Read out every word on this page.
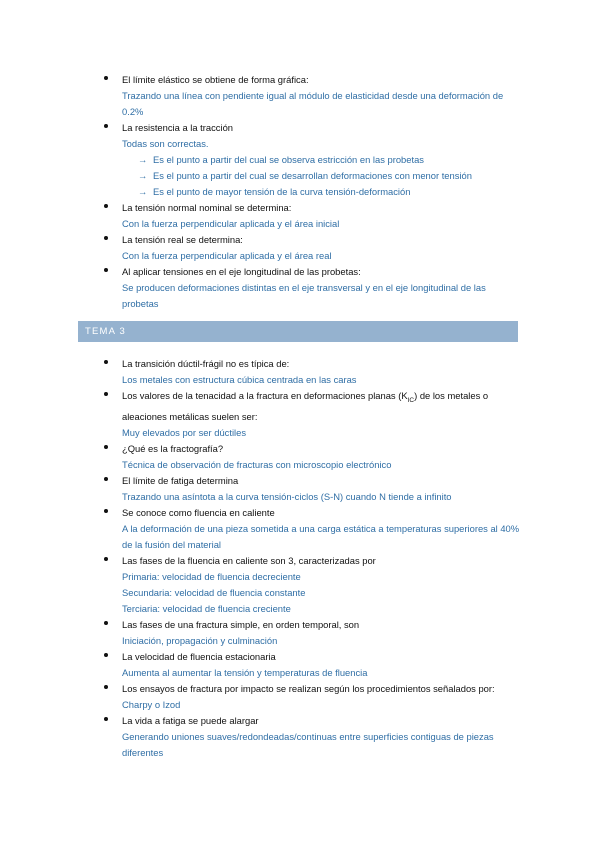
El límite elástico se obtiene de forma gráfica:
Trazando una línea con pendiente igual al módulo de elasticidad desde una deformación de 0.2%
La resistencia a la tracción
Todas son correctas.
→ Es el punto a partir del cual se observa estricción en las probetas
→ Es el punto a partir del cual se desarrollan deformaciones con menor tensión
→ Es el punto de mayor tensión de la curva tensión-deformación
La tensión normal nominal se determina:
Con la fuerza perpendicular aplicada y el área inicial
La tensión real se determina:
Con la fuerza perpendicular aplicada y el área real
Al aplicar tensiones en el eje longitudinal de las probetas:
Se producen deformaciones distintas en el eje transversal y en el eje longitudinal de las probetas
TEMA 3
La transición dúctil-frágil no es típica de:
Los metales con estructura cúbica centrada en las caras
Los valores de la tenacidad a la fractura en deformaciones planas $(K_{IC})$ de los metales o aleaciones metálicas suelen ser:
Muy elevados por ser dúctiles
¿Qué es la fractografía?
Técnica de observación de fracturas con microscopio electrónico
El límite de fatiga determina
Trazando una asíntota a la curva tensión-ciclos (S-N) cuando N tiende a infinito
Se conoce como fluencia en caliente
A la deformación de una pieza sometida a una carga estática a temperaturas superiores al 40% de la fusión del material
Las fases de la fluencia en caliente son 3, caracterizadas por
Primaria: velocidad de fluencia decreciente
Secundaria: velocidad de fluencia constante
Terciaria: velocidad de fluencia creciente
Las fases de una fractura simple, en orden temporal, son
Iniciación, propagación y culminación
La velocidad de fluencia estacionaria
Aumenta al aumentar la tensión y temperaturas de fluencia
Los ensayos de fractura por impacto se realizan según los procedimientos señalados por:
Charpy o Izod
La vida a fatiga se puede alargar
Generando uniones suaves/redondeadas/continuas entre superficies contiguas de piezas diferentes
